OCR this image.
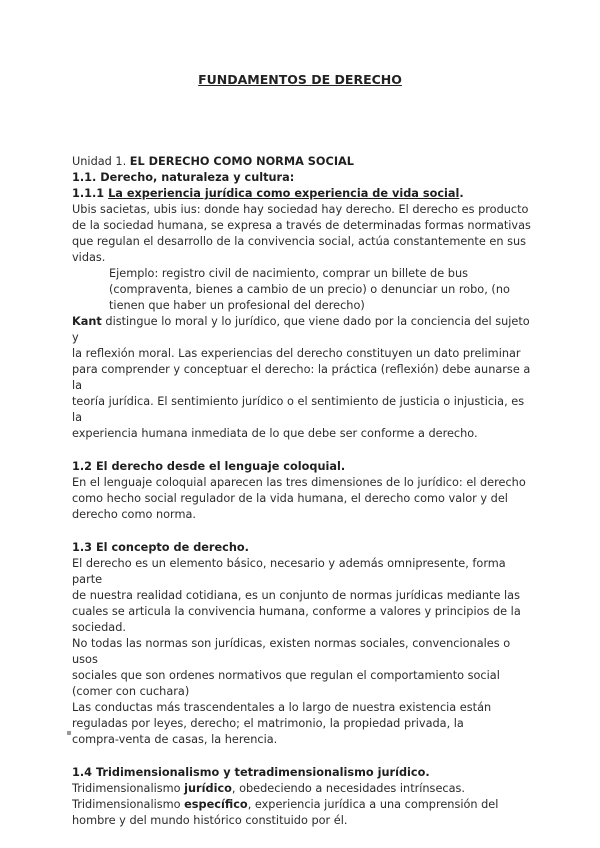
FUNDAMENTOS DE DERECHO

Unidad 1. EL DERECHO COMO NORMA SOCIAL

1.1. Derecho, naturaleza y cultura:

1.1.1 La experiencia jurídica como experiencia de vida social.

Ubis sacietas, ubis ius: donde hay sociedad hay derecho. El derecho es producto

de la sociedad humana, se expresa a través de determinadas formas normativas

que regulan el desarrollo de la convivencia social, actúa constantemente en sus

vidas.

Ejemplo: registro civil de nacimiento, comprar un billete de bus

(compraventa, bienes a cambio de un precio) o denunciar un robo, (no

tienen que haber un profesional del derecho)

Kant distingue lo moral y lo jurídico, que viene dado por la conciencia del sujeto y

la reflexión moral. Las experiencias del derecho constituyen un dato preliminar

para comprender y conceptuar el derecho: la práctica (reflexión) debe aunarse a la

teoría jurídica. El sentimiento jurídico o el sentimiento de justicia o injusticia, es la

experiencia humana inmediata de lo que debe ser conforme a derecho.

1.2 El derecho desde el lenguaje coloquial.

En el lenguaje coloquial aparecen las tres dimensiones de lo jurídico: el derecho

como hecho social regulador de la vida humana, el derecho como valor y del

derecho como norma.

1.3 El concepto de derecho.

El derecho es un elemento básico, necesario y además omnipresente, forma parte

de nuestra realidad cotidiana, es un conjunto de normas jurídicas mediante las

cuales se articula la convivencia humana, conforme a valores y principios de la

sociedad.

No todas las normas son jurídicas, existen normas sociales, convencionales o usos

sociales que son ordenes normativos que regulan el comportamiento social

(comer con cuchara)

Las conductas más trascendentales a lo largo de nuestra existencia están

reguladas por leyes, derecho; el matrimonio, la propiedad privada, la

compra-venta de casas, la herencia.

1.4 Tridimensionalismo y tetradimensionalismo jurídico.

Tridimensionalismo jurídico, obedeciendo a necesidades intrínsecas.

Tridimensionalismo específico, experiencia jurídica a una comprensión del

hombre y del mundo histórico constituido por él.
